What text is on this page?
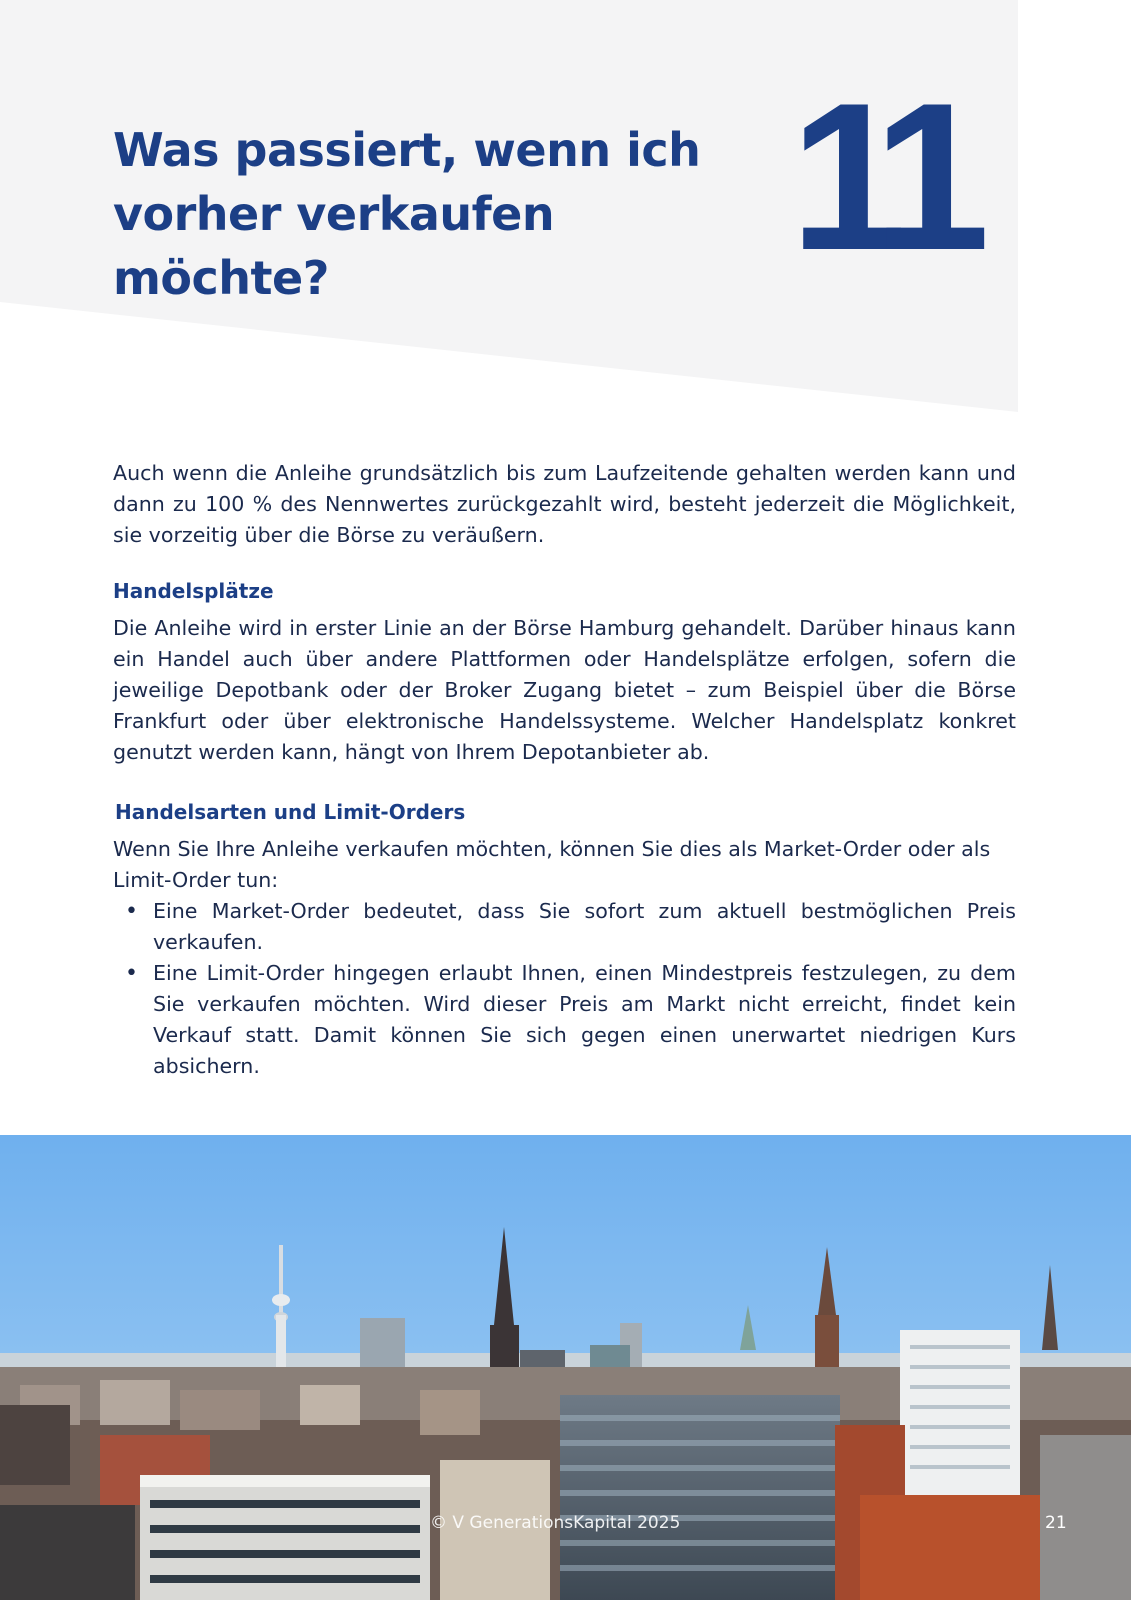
Was passiert, wenn ich vorher verkaufen möchte?	11

Auch wenn die Anleihe grundsätzlich bis zum Laufzeitende gehalten werden kann und dann zu 100 % des Nennwertes zurückgezahlt wird, besteht jederzeit die Möglichkeit, sie vorzeitig über die Börse zu veräußern.

Handelsplätze

Die Anleihe wird in erster Linie an der Börse Hamburg gehandelt. Darüber hinaus kann ein Handel auch über andere Plattformen oder Handelsplätze erfolgen, sofern die jeweilige Depotbank oder der Broker Zugang bietet – zum Beispiel über die Börse Frankfurt oder über elektronische Handelssysteme. Welcher Handelsplatz konkret genutzt werden kann, hängt von Ihrem Depotanbieter ab.

Handelsarten und Limit-Orders

Wenn Sie Ihre Anleihe verkaufen möchten, können Sie dies als Market-Order oder als Limit-Order tun:

• Eine Market-Order bedeutet, dass Sie sofort zum aktuell bestmöglichen Preis verkaufen.
• Eine Limit-Order hingegen erlaubt Ihnen, einen Mindestpreis festzulegen, zu dem Sie verkaufen möchten. Wird dieser Preis am Markt nicht erreicht, findet kein Verkauf statt. Damit können Sie sich gegen einen unerwartet niedrigen Kurs absichern.
© V GenerationsKapital 2025	21
